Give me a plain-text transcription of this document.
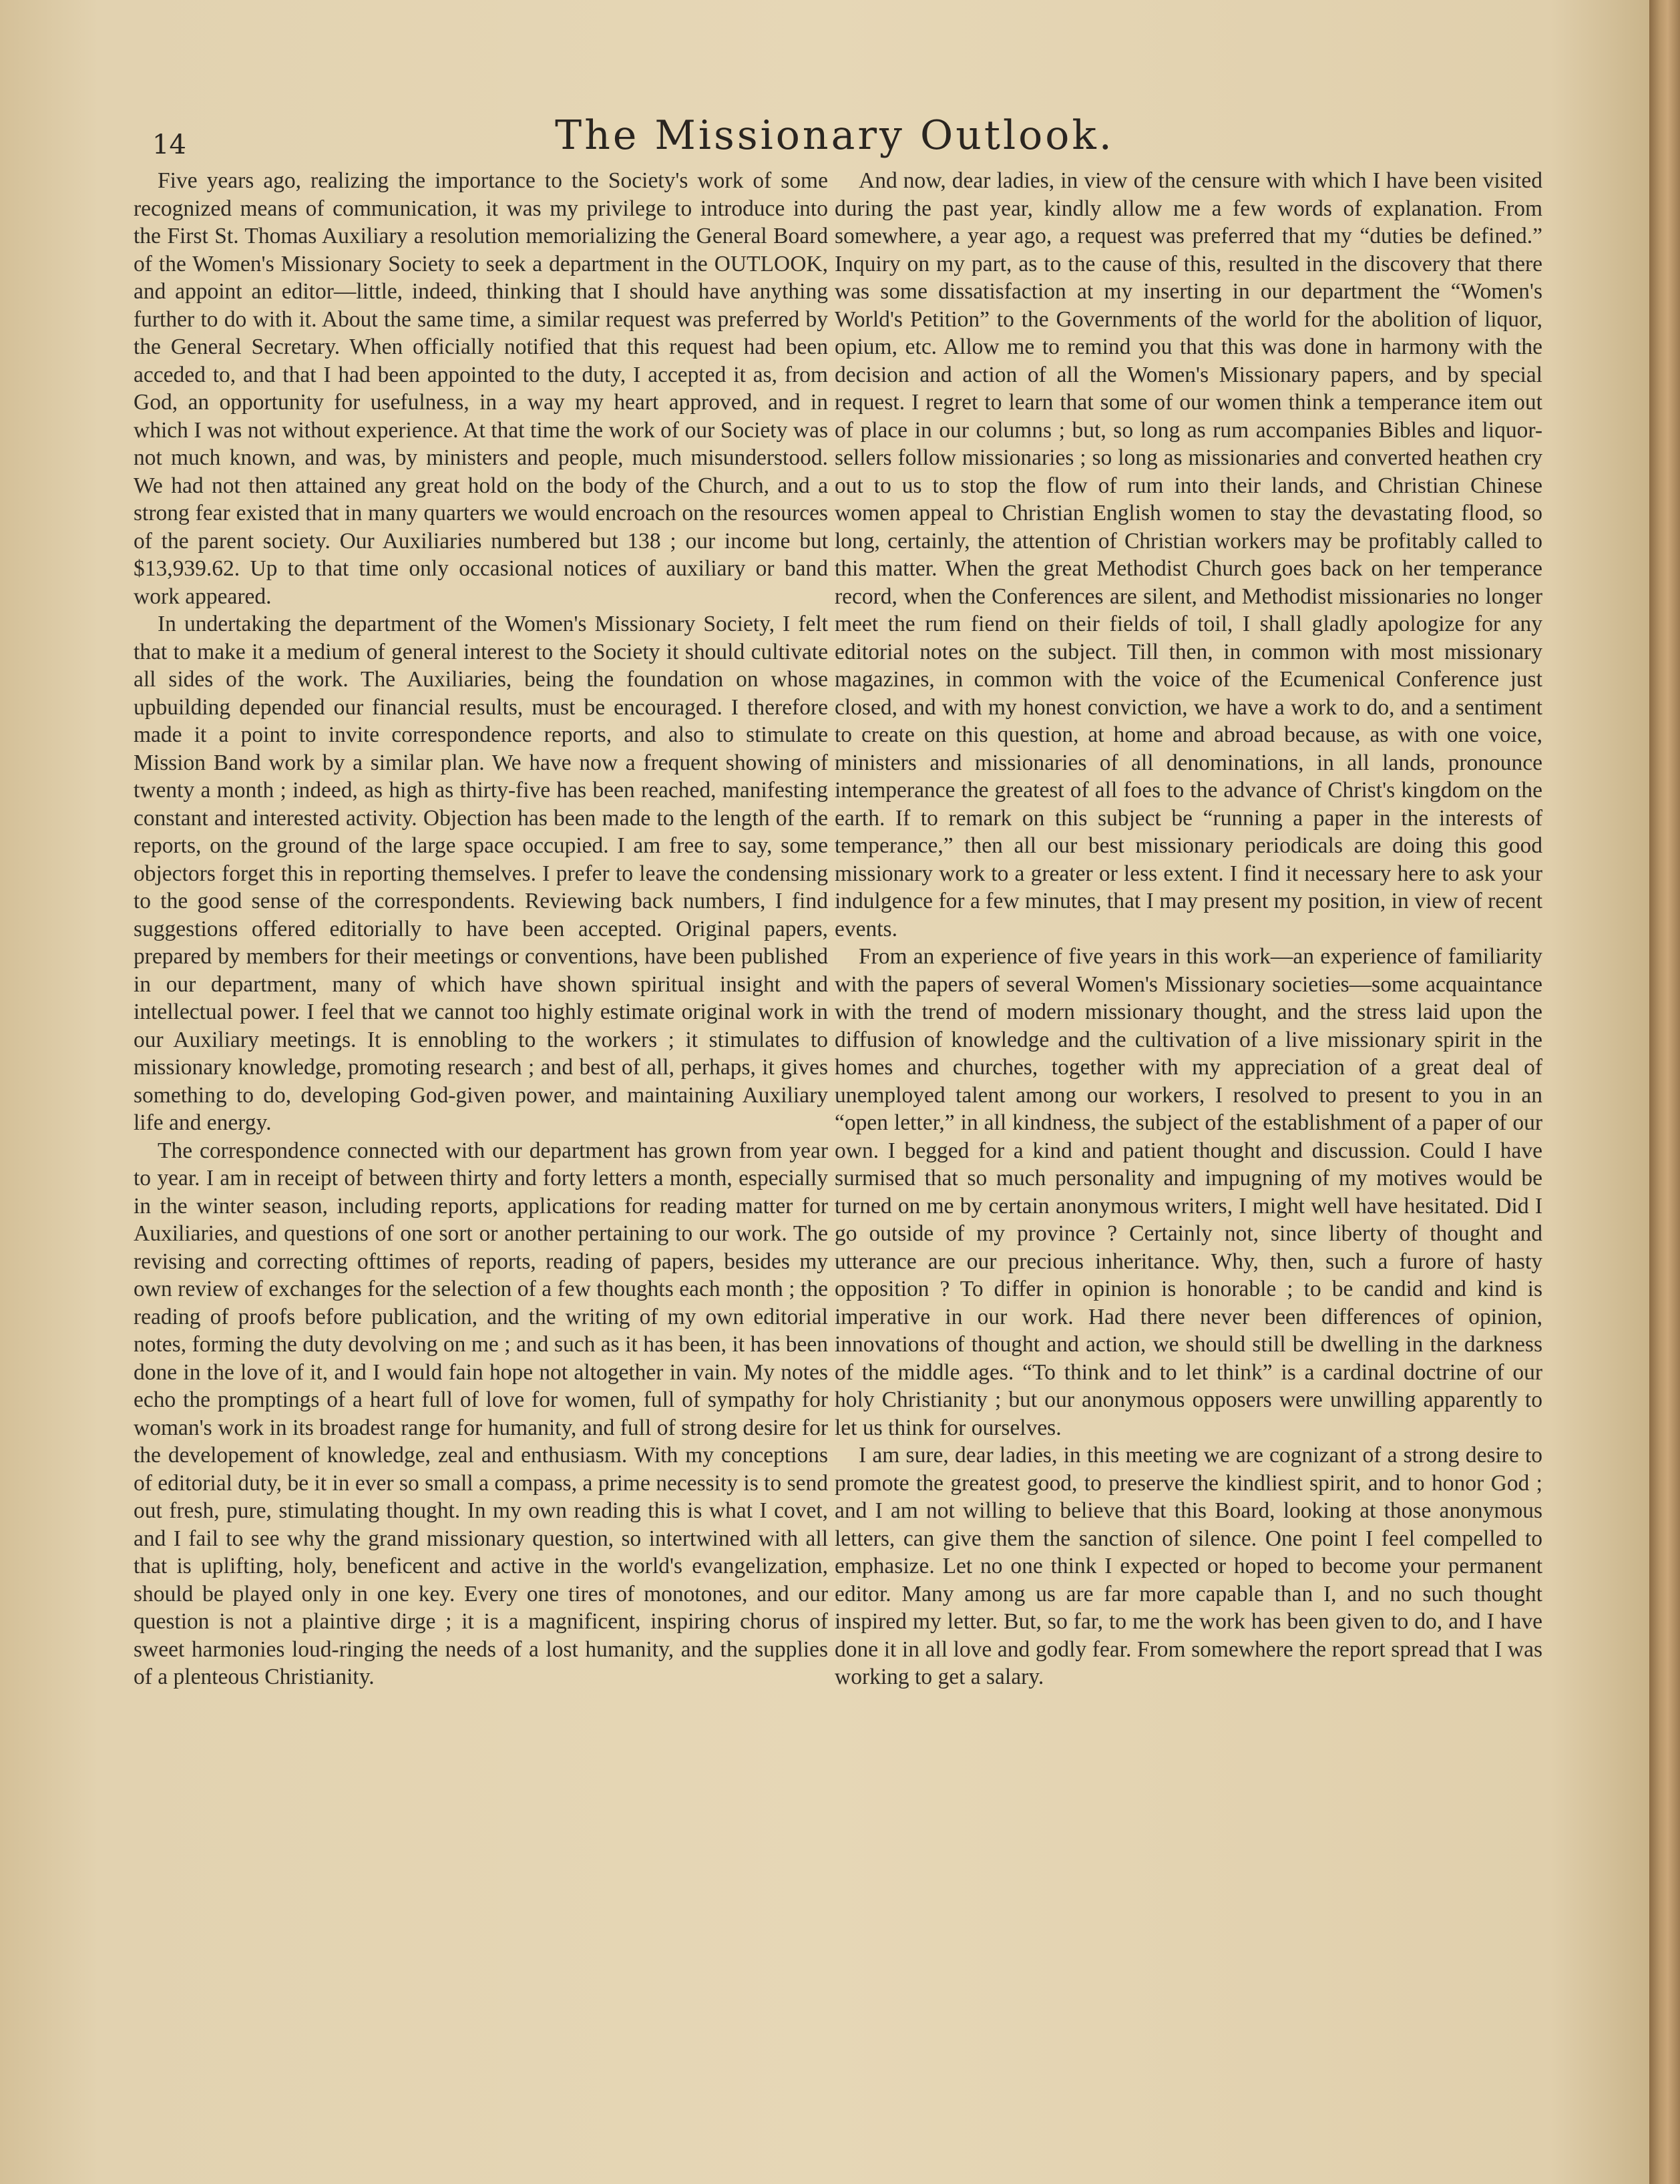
14	The Missionary Outlook.

Five years ago, realizing the importance to the Society's work of some recognized means of communication, it was my privilege to introduce into the First St. Thomas Auxiliary a resolution memorializing the General Board of the Women's Missionary Society to seek a department in the OUTLOOK, and appoint an editor—little, indeed, thinking that I should have anything further to do with it. About the same time, a similar request was preferred by the General Secretary. When officially notified that this request had been acceded to, and that I had been appointed to the duty, I accepted it as, from God, an opportunity for usefulness, in a way my heart approved, and in which I was not without experience. At that time the work of our Society was not much known, and was, by ministers and people, much misunderstood. We had not then attained any great hold on the body of the Church, and a strong fear existed that in many quarters we would encroach on the resources of the parent society. Our Auxiliaries numbered but 138 ; our income but $13,939.62. Up to that time only occasional notices of auxiliary or band work appeared.

In undertaking the department of the Women's Missionary Society, I felt that to make it a medium of general interest to the Society it should cultivate all sides of the work. The Auxiliaries, being the foundation on whose upbuilding depended our financial results, must be encouraged. I therefore made it a point to invite correspondence reports, and also to stimulate Mission Band work by a similar plan. We have now a frequent showing of twenty a month ; indeed, as high as thirty-five has been reached, manifesting constant and interested activity. Objection has been made to the length of the reports, on the ground of the large space occupied. I am free to say, some objectors forget this in reporting themselves. I prefer to leave the condensing to the good sense of the correspondents. Reviewing back numbers, I find suggestions offered editorially to have been accepted. Original papers, prepared by members for their meetings or conventions, have been published in our department, many of which have shown spiritual insight and intellectual power. I feel that we cannot too highly estimate original work in our Auxiliary meetings. It is ennobling to the workers ; it stimulates to missionary knowledge, promoting research ; and best of all, perhaps, it gives something to do, developing God-given power, and maintaining Auxiliary life and energy.

The correspondence connected with our department has grown from year to year. I am in receipt of between thirty and forty letters a month, especially in the winter season, including reports, applications for reading matter for Auxiliaries, and questions of one sort or another pertaining to our work. The revising and correcting ofttimes of reports, reading of papers, besides my own review of exchanges for the selection of a few thoughts each month ; the reading of proofs before publication, and the writing of my own editorial notes, forming the duty devolving on me ; and such as it has been, it has been done in the love of it, and I would fain hope not altogether in vain. My notes echo the promptings of a heart full of love for women, full of sympathy for woman's work in its broadest range for humanity, and full of strong desire for the developement of knowledge, zeal and enthusiasm. With my conceptions of editorial duty, be it in ever so small a compass, a prime necessity is to send out fresh, pure, stimulating thought. In my own reading this is what I covet, and I fail to see why the grand missionary question, so intertwined with all that is uplifting, holy, beneficent and active in the world's evangelization, should be played only in one key. Every one tires of monotones, and our question is not a plaintive dirge ; it is a magnificent, inspiring chorus of sweet harmonies loud-ringing the needs of a lost humanity, and the supplies of a plenteous Christianity.

And now, dear ladies, in view of the censure with which I have been visited during the past year, kindly allow me a few words of explanation. From somewhere, a year ago, a request was preferred that my “duties be defined.” Inquiry on my part, as to the cause of this, resulted in the discovery that there was some dissatisfaction at my inserting in our department the “Women's World's Petition” to the Governments of the world for the abolition of liquor, opium, etc. Allow me to remind you that this was done in harmony with the decision and action of all the Women's Missionary papers, and by special request. I regret to learn that some of our women think a temperance item out of place in our columns ; but, so long as rum accompanies Bibles and liquor-sellers follow missionaries ; so long as missionaries and converted heathen cry out to us to stop the flow of rum into their lands, and Christian Chinese women appeal to Christian English women to stay the devastating flood, so long, certainly, the attention of Christian workers may be profitably called to this matter. When the great Methodist Church goes back on her temperance record, when the Conferences are silent, and Methodist missionaries no longer meet the rum fiend on their fields of toil, I shall gladly apologize for any editorial notes on the subject. Till then, in common with most missionary magazines, in common with the voice of the Ecumenical Conference just closed, and with my honest conviction, we have a work to do, and a sentiment to create on this question, at home and abroad because, as with one voice, ministers and missionaries of all denominations, in all lands, pronounce intemperance the greatest of all foes to the advance of Christ's kingdom on the earth. If to remark on this subject be “running a paper in the interests of temperance,” then all our best missionary periodicals are doing this good missionary work to a greater or less extent. I find it necessary here to ask your indulgence for a few minutes, that I may present my position, in view of recent events.

From an experience of five years in this work—an experience of familiarity with the papers of several Women's Missionary societies—some acquaintance with the trend of modern missionary thought, and the stress laid upon the diffusion of knowledge and the cultivation of a live missionary spirit in the homes and churches, together with my appreciation of a great deal of unemployed talent among our workers, I resolved to present to you in an “open letter,” in all kindness, the subject of the establishment of a paper of our own. I begged for a kind and patient thought and discussion. Could I have surmised that so much personality and impugning of my motives would be turned on me by certain anonymous writers, I might well have hesitated. Did I go outside of my province ? Certainly not, since liberty of thought and utterance are our precious inheritance. Why, then, such a furore of hasty opposition ? To differ in opinion is honorable ; to be candid and kind is imperative in our work. Had there never been differences of opinion, innovations of thought and action, we should still be dwelling in the darkness of the middle ages. “To think and to let think” is a cardinal doctrine of our holy Christianity ; but our anonymous opposers were unwilling apparently to let us think for ourselves.

I am sure, dear ladies, in this meeting we are cognizant of a strong desire to promote the greatest good, to preserve the kindliest spirit, and to honor God ; and I am not willing to believe that this Board, looking at those anonymous letters, can give them the sanction of silence. One point I feel compelled to emphasize. Let no one think I expected or hoped to become your permanent editor. Many among us are far more capable than I, and no such thought inspired my letter. But, so far, to me the work has been given to do, and I have done it in all love and godly fear. From somewhere the report spread that I was working to get a salary.
